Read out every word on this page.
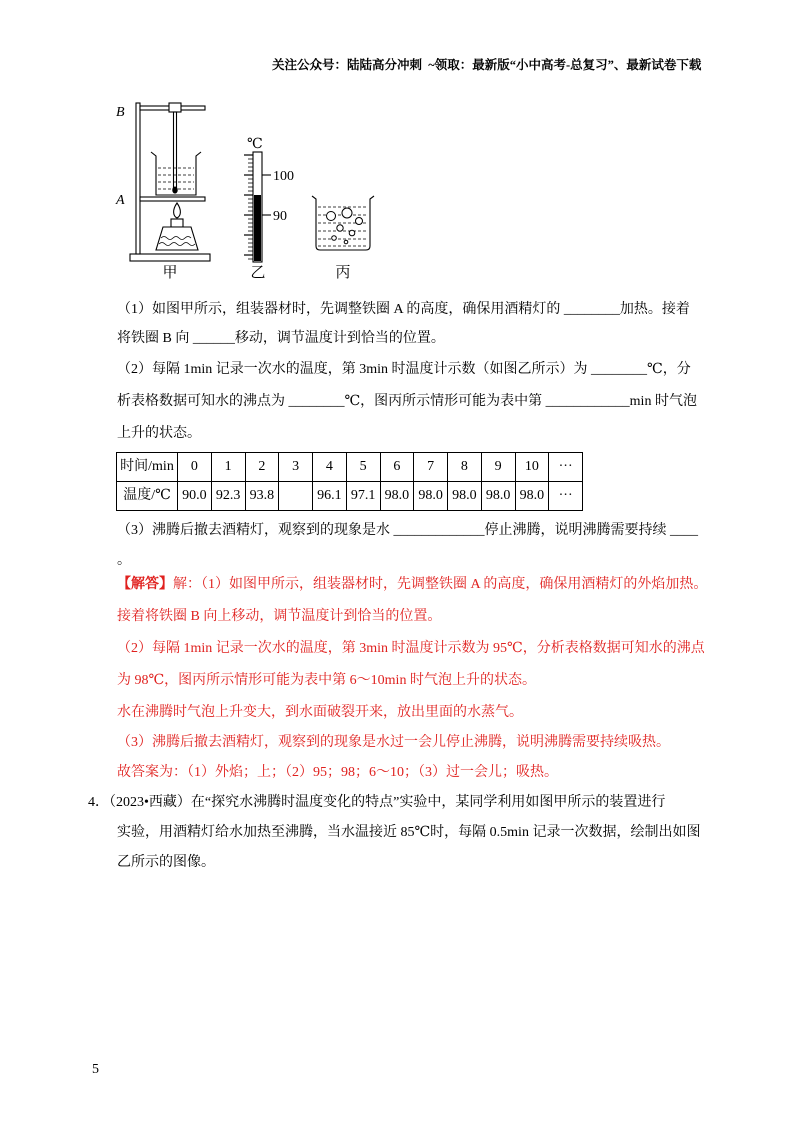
关注公众号：陆陆高分冲刺  ~领取：最新版“小中高考-总复习”、最新试卷下载
B
A
甲
℃
100
90
乙	丙
（1）如图甲所示，组装器材时，先调整铁圈 A 的高度，确保用酒精灯的 ________加热。接着
将铁圈 B 向 ______移动，调节温度计到恰当的位置。
（2）每隔 1min 记录一次水的温度，第 3min 时温度计示数（如图乙所示）为 ________℃，分
析表格数据可知水的沸点为 ________℃，图丙所示情形可能为表中第 ____________min 时气泡
上升的状态。
时间/min	0	1	2	3	4	5	6	7	8	9	10	···
温度/℃	90.0	92.3	93.8		96.1	97.1	98.0	98.0	98.0	98.0	98.0	···
（3）沸腾后撤去酒精灯，观察到的现象是水 _____________停止沸腾，说明沸腾需要持续 ____
。
【解答】解：（1）如图甲所示，组装器材时，先调整铁圈 A 的高度，确保用酒精灯的外焰加热。
接着将铁圈 B 向上移动，调节温度计到恰当的位置。
（2）每隔 1min 记录一次水的温度，第 3min 时温度计示数为 95℃，分析表格数据可知水的沸点
为 98℃，图丙所示情形可能为表中第 6～10min 时气泡上升的状态。
水在沸腾时气泡上升变大，到水面破裂开来，放出里面的水蒸气。
（3）沸腾后撤去酒精灯，观察到的现象是水过一会儿停止沸腾，说明沸腾需要持续吸热。
故答案为：（1）外焰；上；（2）95；98；6～10；（3）过一会儿；吸热。
4．（2023•西藏）在“探究水沸腾时温度变化的特点”实验中，某同学利用如图甲所示的装置进行
实验，用酒精灯给水加热至沸腾，当水温接近 85℃时，每隔 0.5min 记录一次数据，绘制出如图
乙所示的图像。
5
